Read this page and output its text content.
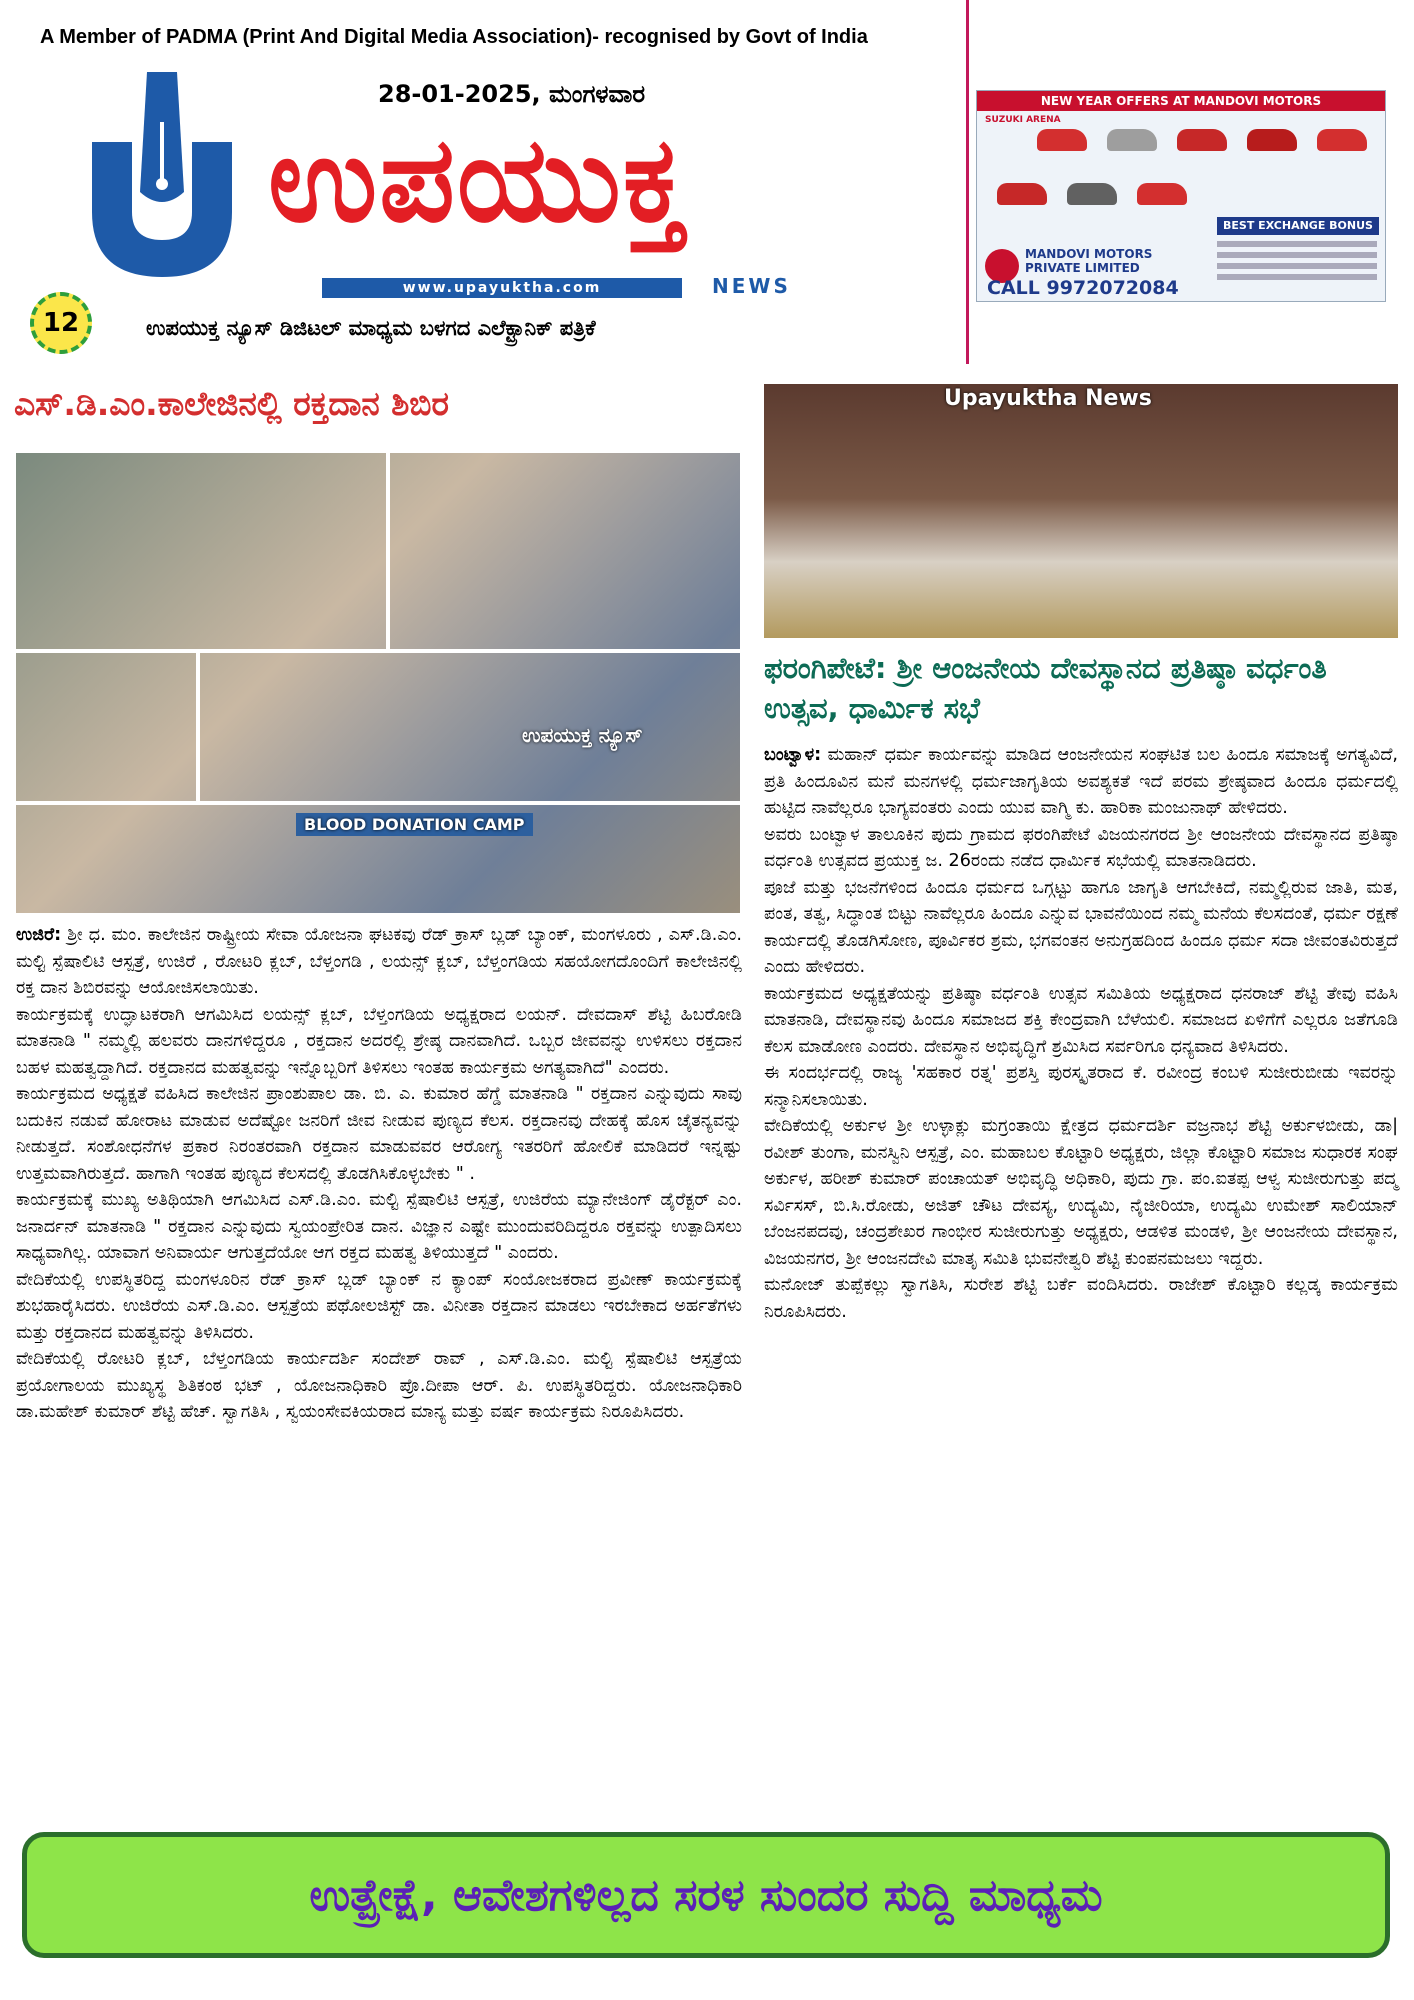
A Member of PADMA (Print And Digital Media Association)- recognised by Govt of India
28-01-2025, ಮಂಗಳವಾರ
ಉಪಯುಕ್ತ
www.upayuktha.com	NEWS
12	ಉಪಯುಕ್ತ ನ್ಯೂಸ್ ಡಿಜಿಟಲ್ ಮಾಧ್ಯಮ ಬಳಗದ ಎಲೆಕ್ಟ್ರಾನಿಕ್ ಪತ್ರಿಕೆ
NEW YEAR OFFERS AT MANDOVI MOTORS
SUZUKI ARENA
MANDOVI MOTORS PRIVATE LIMITED
CALL 9972072084
BEST EXCHANGE BONUS
ಎಸ್.ಡಿ.ಎಂ.ಕಾಲೇಜಿನಲ್ಲಿ ರಕ್ತದಾನ ಶಿಬಿರ
ಉಪಯುಕ್ತ ನ್ಯೂಸ್
BLOOD DONATION CAMP

ಉಜಿರೆ: ಶ್ರೀ ಧ. ಮಂ. ಕಾಲೇಜಿನ ರಾಷ್ಟ್ರೀಯ ಸೇವಾ ಯೋಜನಾ ಘಟಕವು ರೆಡ್ ಕ್ರಾಸ್ ಬ್ಲಡ್ ಬ್ಯಾಂಕ್, ಮಂಗಳೂರು , ಎಸ್.ಡಿ.ಎಂ. ಮಲ್ಟಿ ಸ್ಪೆಷಾಲಿಟಿ ಆಸ್ಪತ್ರೆ, ಉಜಿರೆ , ರೋಟರಿ ಕ್ಲಬ್, ಬೆಳ್ತಂಗಡಿ , ಲಯನ್ಸ್ ಕ್ಲಬ್, ಬೆಳ್ತಂಗಡಿಯ ಸಹಯೋಗದೊಂದಿಗೆ ಕಾಲೇಜಿನಲ್ಲಿ ರಕ್ತ ದಾನ ಶಿಬಿರವನ್ನು ಆಯೋಜಿಸಲಾಯಿತು.

ಕಾರ್ಯಕ್ರಮಕ್ಕೆ ಉದ್ಘಾಟಕರಾಗಿ ಆಗಮಿಸಿದ ಲಯನ್ಸ್ ಕ್ಲಬ್, ಬೆಳ್ತಂಗಡಿಯ ಅಧ್ಯಕ್ಷರಾದ ಲಯನ್. ದೇವದಾಸ್ ಶೆಟ್ಟಿ ಹಿಬರೋಡಿ ಮಾತನಾಡಿ " ನಮ್ಮಲ್ಲಿ ಹಲವರು ದಾನಗಳಿದ್ದರೂ , ರಕ್ತದಾನ ಅದರಲ್ಲಿ ಶ್ರೇಷ್ಠ ದಾನವಾಗಿದೆ. ಒಬ್ಬರ ಜೀವವನ್ನು ಉಳಿಸಲು ರಕ್ತದಾನ ಬಹಳ ಮಹತ್ವದ್ದಾಗಿದೆ. ರಕ್ತದಾನದ ಮಹತ್ವವನ್ನು ಇನ್ನೊಬ್ಬರಿಗೆ ತಿಳಿಸಲು ಇಂತಹ ಕಾರ್ಯಕ್ರಮ ಅಗತ್ಯವಾಗಿದೆ" ಎಂದರು.

ಕಾರ್ಯಕ್ರಮದ ಅಧ್ಯಕ್ಷತೆ ವಹಿಸಿದ ಕಾಲೇಜಿನ ಪ್ರಾಂಶುಪಾಲ ಡಾ. ಬಿ. ಎ. ಕುಮಾರ ಹೆಗ್ಡೆ ಮಾತನಾಡಿ " ರಕ್ತದಾನ ಎನ್ನುವುದು ಸಾವು ಬದುಕಿನ ನಡುವೆ ಹೋರಾಟ ಮಾಡುವ ಅದೆಷ್ಟೋ ಜನರಿಗೆ ಜೀವ ನೀಡುವ ಪುಣ್ಯದ ಕೆಲಸ. ರಕ್ತದಾನವು ದೇಹಕ್ಕೆ ಹೊಸ ಚೈತನ್ಯವನ್ನು ನೀಡುತ್ತದೆ. ಸಂಶೋಧನೆಗಳ ಪ್ರಕಾರ ನಿರಂತರವಾಗಿ ರಕ್ತದಾನ ಮಾಡುವವರ ಆರೋಗ್ಯ ಇತರರಿಗೆ ಹೋಲಿಕೆ ಮಾಡಿದರೆ ಇನ್ನಷ್ಟು ಉತ್ತಮವಾಗಿರುತ್ತದೆ. ಹಾಗಾಗಿ ಇಂತಹ ಪುಣ್ಯದ ಕೆಲಸದಲ್ಲಿ ತೊಡಗಿಸಿಕೊಳ್ಳಬೇಕು " .

ಕಾರ್ಯಕ್ರಮಕ್ಕೆ ಮುಖ್ಯ ಅತಿಥಿಯಾಗಿ ಆಗಮಿಸಿದ ಎಸ್.ಡಿ.ಎಂ. ಮಲ್ಟಿ ಸ್ಪೆಷಾಲಿಟಿ ಆಸ್ಪತ್ರೆ, ಉಜಿರೆಯ ಮ್ಯಾನೇಜಿಂಗ್ ಡೈರೆಕ್ಟರ್ ಎಂ. ಜನಾರ್ದನ್ ಮಾತನಾಡಿ " ರಕ್ತದಾನ ಎನ್ನುವುದು ಸ್ವಯಂಪ್ರೇರಿತ ದಾನ. ವಿಜ್ಞಾನ ಎಷ್ಟೇ ಮುಂದುವರಿದಿದ್ದರೂ ರಕ್ತವನ್ನು ಉತ್ಪಾದಿಸಲು ಸಾಧ್ಯವಾಗಿಲ್ಲ. ಯಾವಾಗ ಅನಿವಾರ್ಯ ಆಗುತ್ತದೆಯೋ ಆಗ ರಕ್ತದ ಮಹತ್ವ ತಿಳಿಯುತ್ತದೆ " ಎಂದರು.

ವೇದಿಕೆಯಲ್ಲಿ ಉಪಸ್ಥಿತರಿದ್ದ ಮಂಗಳೂರಿನ ರೆಡ್ ಕ್ರಾಸ್ ಬ್ಲಡ್ ಬ್ಯಾಂಕ್ ನ ಕ್ಯಾಂಪ್ ಸಂಯೋಜಕರಾದ ಪ್ರವೀಣ್ ಕಾರ್ಯಕ್ರಮಕ್ಕೆ ಶುಭಹಾರೈಸಿದರು. ಉಜಿರೆಯ ಎಸ್.ಡಿ.ಎಂ. ಆಸ್ಪತ್ರೆಯ ಪಥೋಲಜಿಸ್ಟ್ ಡಾ. ವಿನೀತಾ ರಕ್ತದಾನ ಮಾಡಲು ಇರಬೇಕಾದ ಅರ್ಹತೆಗಳು ಮತ್ತು ರಕ್ತದಾನದ ಮಹತ್ವವನ್ನು ತಿಳಿಸಿದರು.

ವೇದಿಕೆಯಲ್ಲಿ ರೋಟರಿ ಕ್ಲಬ್, ಬೆಳ್ತಂಗಡಿಯ ಕಾರ್ಯದರ್ಶಿ ಸಂದೇಶ್ ರಾವ್ , ಎಸ್.ಡಿ.ಎಂ. ಮಲ್ಟಿ ಸ್ಪೆಷಾಲಿಟಿ ಆಸ್ಪತ್ರೆಯ ಪ್ರಯೋಗಾಲಯ ಮುಖ್ಯಸ್ಥ ಶಿತಿಕಂಠ ಭಟ್ , ಯೋಜನಾಧಿಕಾರಿ ಪ್ರೊ.ದೀಪಾ ಆರ್. ಪಿ. ಉಪಸ್ಥಿತರಿದ್ದರು. ಯೋಜನಾಧಿಕಾರಿ ಡಾ.ಮಹೇಶ್ ಕುಮಾರ್ ಶೆಟ್ಟಿ ಹೆಚ್. ಸ್ವಾಗತಿಸಿ , ಸ್ವಯಂಸೇವಕಿಯರಾದ ಮಾನ್ಯ ಮತ್ತು ವರ್ಷ ಕಾರ್ಯಕ್ರಮ ನಿರೂಪಿಸಿದರು.

Upayuktha News
ಫರಂಗಿಪೇಟೆ: ಶ್ರೀ ಆಂಜನೇಯ ದೇವಸ್ಥಾನದ ಪ್ರತಿಷ್ಠಾ ವರ್ಧಂತಿ ಉತ್ಸವ, ಧಾರ್ಮಿಕ ಸಭೆ

ಬಂಟ್ವಾಳ: ಮಹಾನ್ ಧರ್ಮ ಕಾರ್ಯವನ್ನು ಮಾಡಿದ ಆಂಜನೇಯನ ಸಂಘಟಿತ ಬಲ ಹಿಂದೂ ಸಮಾಜಕ್ಕೆ ಅಗತ್ಯವಿದೆ, ಪ್ರತಿ ಹಿಂದೂವಿನ ಮನೆ ಮನಗಳಲ್ಲಿ ಧರ್ಮಜಾಗೃತಿಯ ಅವಶ್ಯಕತೆ ಇದೆ ಪರಮ ಶ್ರೇಷ್ಠವಾದ ಹಿಂದೂ ಧರ್ಮದಲ್ಲಿ ಹುಟ್ಟಿದ ನಾವೆಲ್ಲರೂ ಭಾಗ್ಯವಂತರು ಎಂದು ಯುವ ವಾಗ್ಮಿ ಕು. ಹಾರಿಕಾ ಮಂಜುನಾಥ್ ಹೇಳಿದರು.

ಅವರು ಬಂಟ್ವಾಳ ತಾಲೂಕಿನ ಪುದು ಗ್ರಾಮದ ಫರಂಗಿಪೇಟೆ ವಿಜಯನಗರದ ಶ್ರೀ ಆಂಜನೇಯ ದೇವಸ್ಥಾನದ ಪ್ರತಿಷ್ಠಾ ವರ್ಧಂತಿ ಉತ್ಸವದ ಪ್ರಯುಕ್ತ ಜ. 26ರಂದು ನಡೆದ ಧಾರ್ಮಿಕ ಸಭೆಯಲ್ಲಿ ಮಾತನಾಡಿದರು.

ಪೂಜೆ ಮತ್ತು ಭಜನೆಗಳಿಂದ ಹಿಂದೂ ಧರ್ಮದ ಒಗ್ಗಟ್ಟು ಹಾಗೂ ಜಾಗೃತಿ ಆಗಬೇಕಿದೆ, ನಮ್ಮಲ್ಲಿರುವ ಜಾತಿ, ಮತ, ಪಂತ, ತತ್ವ, ಸಿದ್ಧಾಂತ ಬಿಟ್ಟು ನಾವೆಲ್ಲರೂ ಹಿಂದೂ ಎನ್ನುವ ಭಾವನೆಯಿಂದ ನಮ್ಮ ಮನೆಯ ಕೆಲಸದಂತೆ, ಧರ್ಮ ರಕ್ಷಣೆ ಕಾರ್ಯದಲ್ಲಿ ತೊಡಗಿಸೋಣ, ಪೂರ್ವಿಕರ ಶ್ರಮ, ಭಗವಂತನ ಅನುಗ್ರಹದಿಂದ ಹಿಂದೂ ಧರ್ಮ ಸದಾ ಜೀವಂತವಿರುತ್ತದೆ ಎಂದು ಹೇಳಿದರು.

ಕಾರ್ಯಕ್ರಮದ ಅಧ್ಯಕ್ಷತೆಯನ್ನು ಪ್ರತಿಷ್ಠಾ ವರ್ಧಂತಿ ಉತ್ಸವ ಸಮಿತಿಯ ಅಧ್ಯಕ್ಷರಾದ ಧನರಾಜ್ ಶೆಟ್ಟಿ ತೇವು ವಹಿಸಿ ಮಾತನಾಡಿ, ದೇವಸ್ಥಾನವು ಹಿಂದೂ ಸಮಾಜದ ಶಕ್ತಿ ಕೇಂದ್ರವಾಗಿ ಬೆಳೆಯಲಿ. ಸಮಾಜದ ಏಳಿಗೆಗೆ ಎಲ್ಲರೂ ಜತೆಗೂಡಿ ಕೆಲಸ ಮಾಡೋಣ ಎಂದರು. ದೇವಸ್ಥಾನ ಅಭಿವೃದ್ಧಿಗೆ ಶ್ರಮಿಸಿದ ಸರ್ವರಿಗೂ ಧನ್ಯವಾದ ತಿಳಿಸಿದರು.

ಈ ಸಂದರ್ಭದಲ್ಲಿ ರಾಜ್ಯ 'ಸಹಕಾರ ರತ್ನ' ಪ್ರಶಸ್ತಿ ಪುರಸ್ಕೃತರಾದ ಕೆ. ರವೀಂದ್ರ ಕಂಬಳಿ ಸುಜೀರುಬೀಡು ಇವರನ್ನು ಸನ್ಮಾನಿಸಲಾಯಿತು.

ವೇದಿಕೆಯಲ್ಲಿ ಅರ್ಕುಳ ಶ್ರೀ ಉಳ್ಳಾಕ್ಲು ಮಗ್ರಂತಾಯಿ ಕ್ಷೇತ್ರದ ಧರ್ಮದರ್ಶಿ ವಜ್ರನಾಭ ಶೆಟ್ಟಿ ಅರ್ಕುಳಬೀಡು, ಡಾ| ರವೀಶ್ ತುಂಗಾ, ಮನಸ್ವಿನಿ ಆಸ್ಪತ್ರೆ, ಎಂ. ಮಹಾಬಲ ಕೊಟ್ಟಾರಿ ಅಧ್ಯಕ್ಷರು, ಜಿಲ್ಲಾ ಕೊಟ್ಟಾರಿ ಸಮಾಜ ಸುಧಾರಕ ಸಂಘ ಅರ್ಕುಳ, ಹರೀಶ್ ಕುಮಾರ್ ಪಂಚಾಯತ್ ಅಭಿವೃದ್ಧಿ ಅಧಿಕಾರಿ, ಪುದು ಗ್ರಾ. ಪಂ.ಐತಪ್ಪ ಆಳ್ವ ಸುಜೀರುಗುತ್ತು ಪದ್ಮ ಸರ್ವಿಸಸ್, ಬಿ.ಸಿ.ರೋಡು, ಅಜಿತ್ ಚೌಟ ದೇವಸ್ಯ, ಉದ್ಯಮಿ, ನೈಜೀರಿಯಾ, ಉದ್ಯಮಿ ಉಮೇಶ್ ಸಾಲಿಯಾನ್ ಬೆಂಜನಪದವು, ಚಂದ್ರಶೇಖರ ಗಾಂಭೀರ ಸುಜೀರುಗುತ್ತು ಅಧ್ಯಕ್ಷರು, ಆಡಳಿತ ಮಂಡಳಿ, ಶ್ರೀ ಆಂಜನೇಯ ದೇವಸ್ಥಾನ, ವಿಜಯನಗರ, ಶ್ರೀ ಆಂಜನದೇವಿ ಮಾತೃ ಸಮಿತಿ ಭುವನೇಶ್ವರಿ ಶೆಟ್ಟಿ ಕುಂಪನಮಜಲು ಇದ್ದರು.

ಮನೋಜ್ ತುಪ್ಪೆಕಲ್ಲು ಸ್ವಾಗತಿಸಿ, ಸುರೇಶ ಶೆಟ್ಟಿ ಬರ್ಕೆ ವಂದಿಸಿದರು. ರಾಜೇಶ್ ಕೊಟ್ಟಾರಿ ಕಲ್ಲಡ್ಕ ಕಾರ್ಯಕ್ರಮ ನಿರೂಪಿಸಿದರು.

ಉತ್ಪ್ರೇಕ್ಷೆ, ಆವೇಶಗಳಿಲ್ಲದ ಸರಳ ಸುಂದರ ಸುದ್ದಿ ಮಾಧ್ಯಮ
